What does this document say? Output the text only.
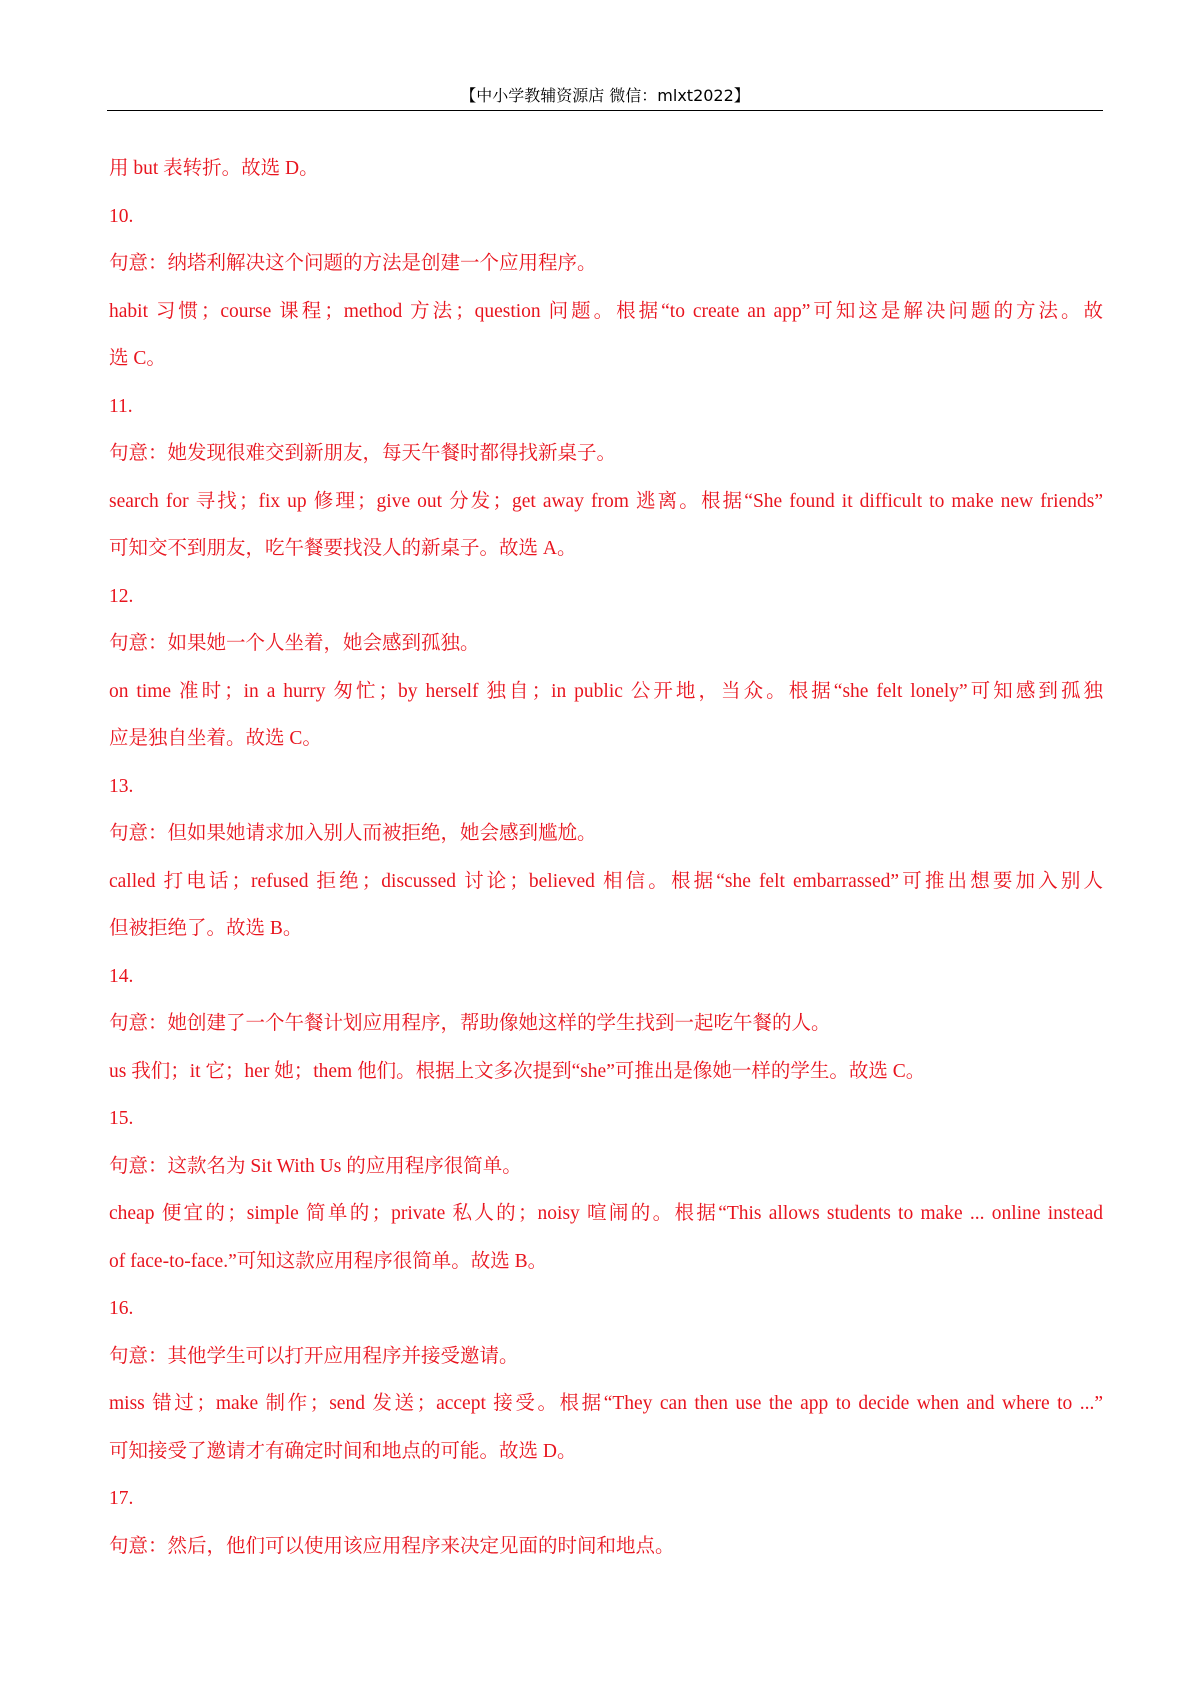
【中小学教辅资源店 微信：mlxt2022】
用 but 表转折。故选 D。
10.
句意：纳塔利解决这个问题的方法是创建一个应用程序。
habit 习惯；course 课程；method 方法；question 问题。根据“to create an app”可知这是解决问题的方法。故
选 C。
11.
句意：她发现很难交到新朋友，每天午餐时都得找新桌子。
search for 寻找；fix up 修理；give out 分发；get away from 逃离。根据“She found it difficult to make new friends”
可知交不到朋友，吃午餐要找没人的新桌子。故选 A。
12.
句意：如果她一个人坐着，她会感到孤独。
on time 准时；in a hurry 匆忙；by herself 独自；in public 公开地，当众。根据“she felt lonely”可知感到孤独
应是独自坐着。故选 C。
13.
句意：但如果她请求加入别人而被拒绝，她会感到尴尬。
called 打电话；refused 拒绝；discussed 讨论；believed 相信。根据“she felt embarrassed”可推出想要加入别人
但被拒绝了。故选 B。
14.
句意：她创建了一个午餐计划应用程序，帮助像她这样的学生找到一起吃午餐的人。
us 我们；it 它；her 她；them 他们。根据上文多次提到“she”可推出是像她一样的学生。故选 C。
15.
句意：这款名为 Sit With Us 的应用程序很简单。
cheap 便宜的；simple 简单的；private 私人的；noisy 喧闹的。根据“This allows students to make ... online instead
of face-to-face.”可知这款应用程序很简单。故选 B。
16.
句意：其他学生可以打开应用程序并接受邀请。
miss 错过；make 制作；send 发送；accept 接受。根据“They can then use the app to decide when and where to ...”
可知接受了邀请才有确定时间和地点的可能。故选 D。
17.
句意：然后，他们可以使用该应用程序来决定见面的时间和地点。
